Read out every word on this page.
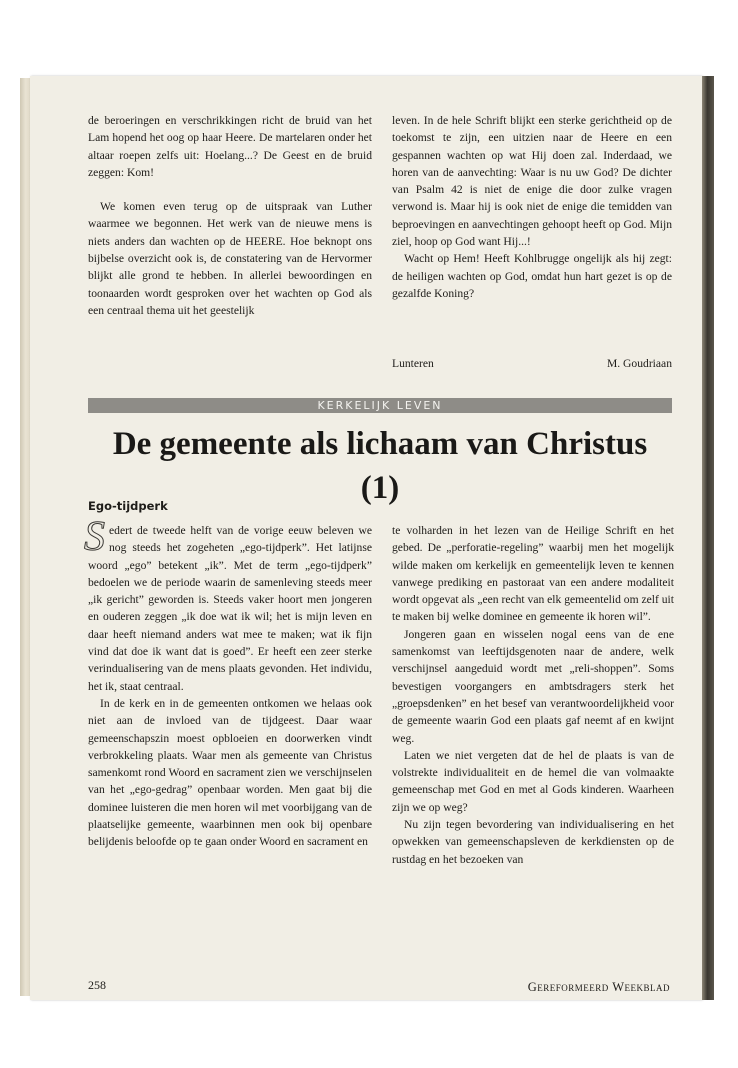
de beroeringen en verschrikkingen richt de bruid van het Lam hopend het oog op haar Heere. De martelaren onder het altaar roepen zelfs uit: Hoelang...? De Geest en de bruid zeggen: Kom!

We komen even terug op de uitspraak van Luther waarmee we begonnen. Het werk van de nieuwe mens is niets anders dan wachten op de HEERE. Hoe beknopt ons bijbelse overzicht ook is, de constatering van de Hervormer blijkt alle grond te hebben. In allerlei bewoordingen en toonaarden wordt gesproken over het wachten op God als een centraal thema uit het geestelijk

leven. In de hele Schrift blijkt een sterke gerichtheid op de toekomst te zijn, een uitzien naar de Heere en een gespannen wachten op wat Hij doen zal. Inderdaad, we horen van de aanvechting: Waar is nu uw God? De dichter van Psalm 42 is niet de enige die door zulke vragen verwond is. Maar hij is ook niet de enige die temidden van beproevingen en aanvechtingen gehoopt heeft op God. Mijn ziel, hoop op God want Hij...!

Wacht op Hem! Heeft Kohlbrugge ongelijk als hij zegt: de heiligen wachten op God, omdat hun hart gezet is op de gezalfde Koning?

Lunteren	M. Goudriaan
KERKELIJK LEVEN
De gemeente als lichaam van Christus
(1)
Ego-tijdperk

Sedert de tweede helft van de vorige eeuw beleven we nog steeds het zogeheten „ego-tijdperk”. Het latijnse woord „ego” betekent „ik”. Met de term „ego-tijdperk” bedoelen we de periode waarin de samenleving steeds meer „ik gericht” geworden is. Steeds vaker hoort men jongeren en ouderen zeggen „ik doe wat ik wil; het is mijn leven en daar heeft niemand anders wat mee te maken; wat ik fijn vind dat doe ik want dat is goed”. Er heeft een zeer sterke verindualisering van de mens plaats gevonden. Het individu, het ik, staat centraal.

In de kerk en in de gemeenten ontkomen we helaas ook niet aan de invloed van de tijdgeest. Daar waar gemeenschapszin moest opbloeien en doorwerken vindt verbrokkeling plaats. Waar men als gemeente van Christus samenkomt rond Woord en sacrament zien we verschijnselen van het „ego-gedrag” openbaar worden. Men gaat bij die dominee luisteren die men horen wil met voorbijgang van de plaatselijke gemeente, waarbinnen men ook bij openbare belijdenis beloofde op te gaan onder Woord en sacrament en

te volharden in het lezen van de Heilige Schrift en het gebed. De „perforatie-regeling” waarbij men het mogelijk wilde maken om kerkelijk en gemeentelijk leven te kennen vanwege prediking en pastoraat van een andere modaliteit wordt opgevat als „een recht van elk gemeentelid om zelf uit te maken bij welke dominee en gemeente ik horen wil”.

Jongeren gaan en wisselen nogal eens van de ene samenkomst van leeftijdsgenoten naar de andere, welk verschijnsel aangeduid wordt met „reli-shoppen”. Soms bevestigen voorgangers en ambtsdragers sterk het „groepsdenken” en het besef van verantwoordelijkheid voor de gemeente waarin God een plaats gaf neemt af en kwijnt weg.

Laten we niet vergeten dat de hel de plaats is van de volstrekte individualiteit en de hemel die van volmaakte gemeenschap met God en met al Gods kinderen. Waarheen zijn we op weg?

Nu zijn tegen bevordering van individualisering en het opwekken van gemeenschapsleven de kerkdiensten op de rustdag en het bezoeken van

258	Gereformeerd Weekblad
